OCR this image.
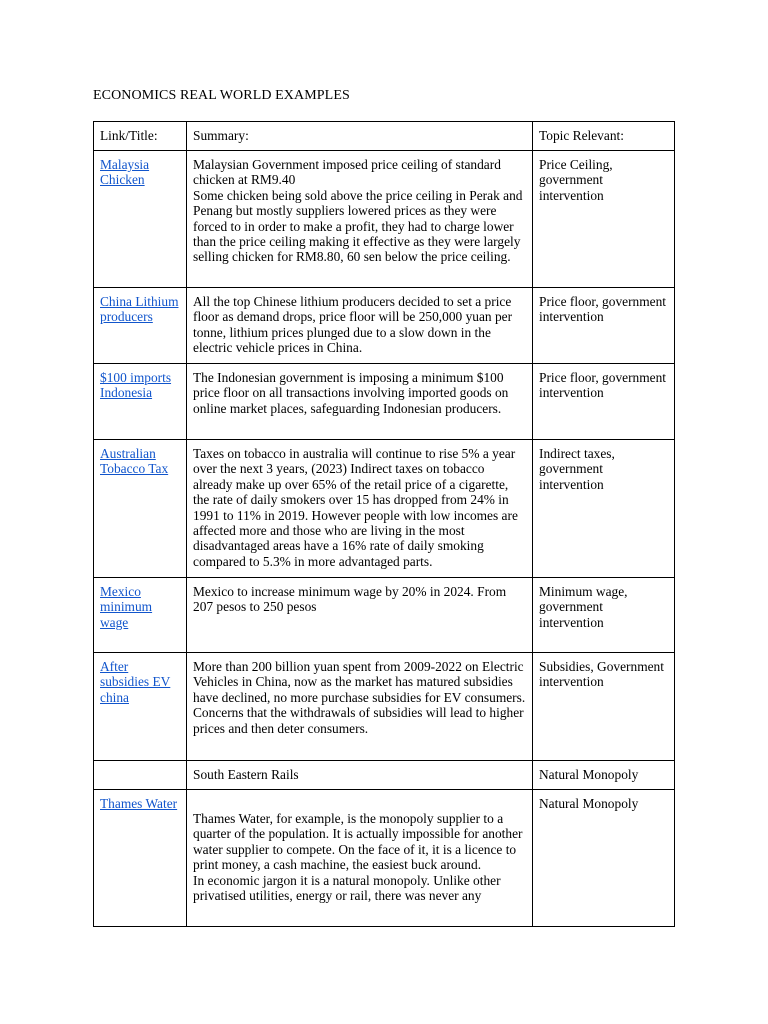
ECONOMICS REAL WORLD EXAMPLES
Link/Title:	Summary:	Topic Relevant:
Malaysia Chicken	Malaysian Government imposed price ceiling of standard chicken at RM9.40
Some chicken being sold above the price ceiling in Perak and Penang but mostly suppliers lowered prices as they were forced to in order to make a profit, they had to charge lower than the price ceiling making it effective as they were largely selling chicken for RM8.80, 60 sen below the price ceiling.	Price Ceiling, government intervention
China Lithium producers	All the top Chinese lithium producers decided to set a price floor as demand drops, price floor will be 250,000 yuan per tonne, lithium prices plunged due to a slow down in the electric vehicle prices in China.	Price floor, government intervention
$100 imports Indonesia	The Indonesian government is imposing a minimum $100 price floor on all transactions involving imported goods on online market places, safeguarding Indonesian producers.	Price floor, government intervention
Australian Tobacco Tax	Taxes on tobacco in australia will continue to rise 5% a year over the next 3 years, (2023) Indirect taxes on tobacco already make up over 65% of the retail price of a cigarette, the rate of daily smokers over 15 has dropped from 24% in 1991 to 11% in 2019. However people with low incomes are affected more and those who are living in the most disadvantaged areas have a 16% rate of daily smoking compared to 5.3% in more advantaged parts.	Indirect taxes, government intervention
Mexico minimum wage	Mexico to increase minimum wage by 20% in 2024. From 207 pesos to 250 pesos	Minimum wage, government intervention
After subsidies EV china	More than 200 billion yuan spent from 2009-2022 on Electric Vehicles in China, now as the market has matured subsidies have declined, no more purchase subsidies for EV consumers. Concerns that the withdrawals of subsidies will lead to higher prices and then deter consumers.	Subsidies, Government intervention

	South Eastern Rails	Natural Monopoly
Thames Water	Thames Water, for example, is the monopoly supplier to a quarter of the population. It is actually impossible for another water supplier to compete. On the face of it, it is a licence to print money, a cash machine, the easiest buck around.
In economic jargon it is a natural monopoly. Unlike other privatised utilities, energy or rail, there was never any	Natural Monopoly
